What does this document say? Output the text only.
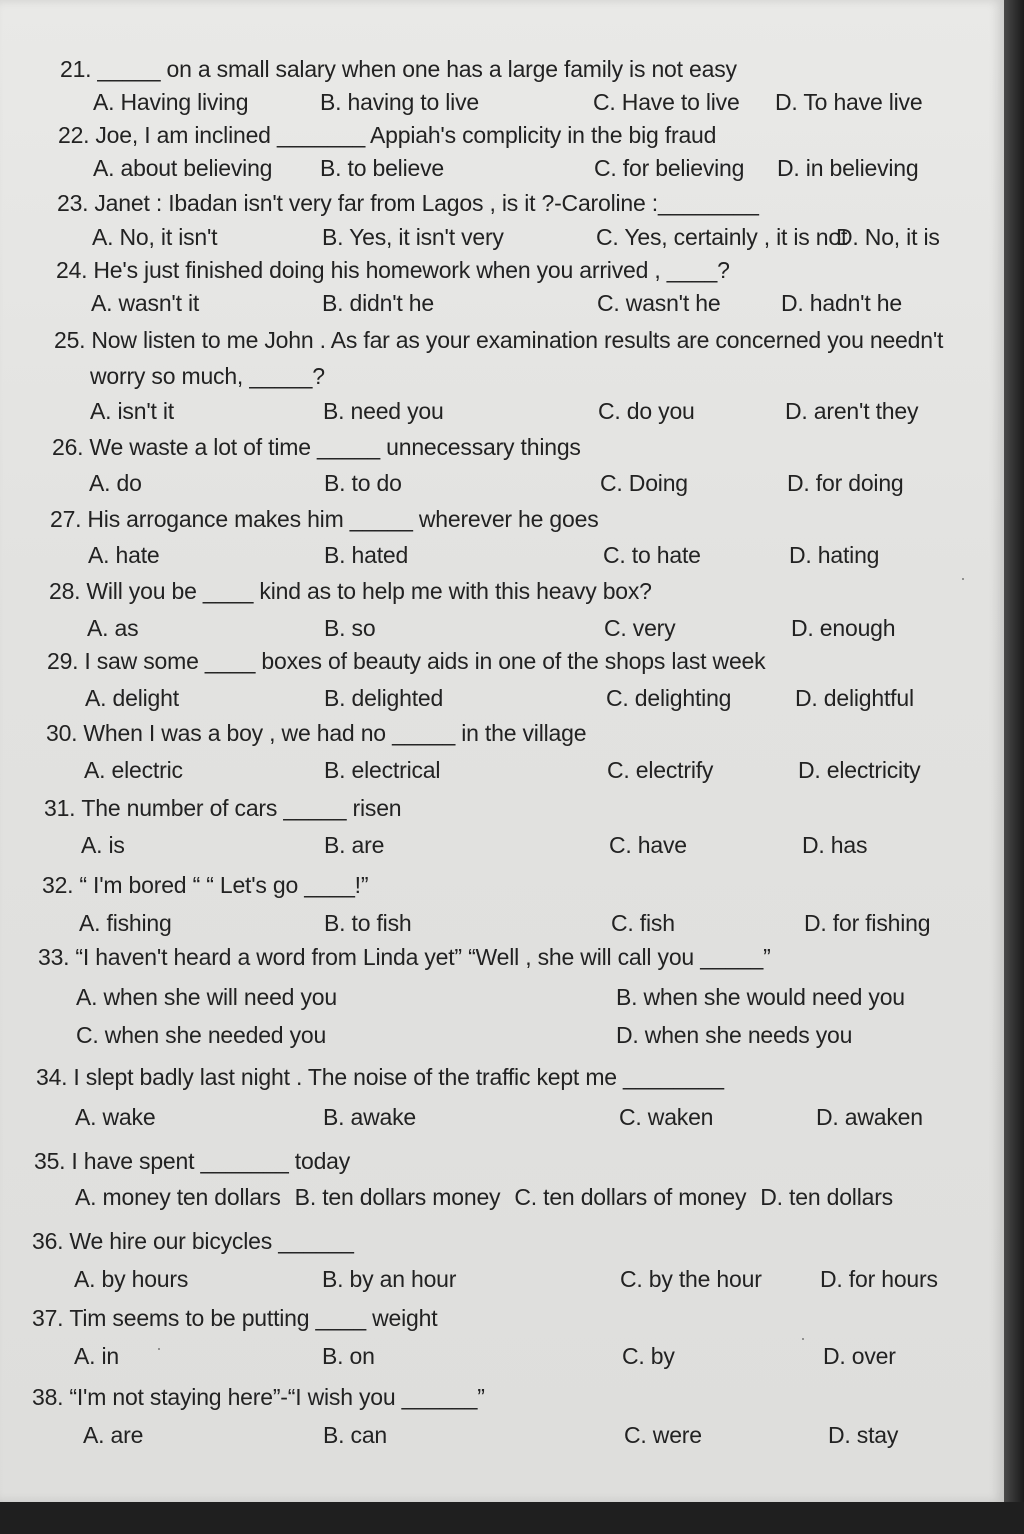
21. _____ on a small salary when one has a large family is not easy
A. Having living	B. having to live	C. Have to live D. To have live
22. Joe, I am inclined _______ Appiah's complicity in the big fraud
A. about believing B. to believe	C. for believing D. in believing
23. Janet : Ibadan isn't very far from Lagos , is it ?-Caroline :________
A. No, it isn't	B. Yes, it isn't very	C. Yes, certainly , it is not
D. No, it is
24. He's just finished doing his homework when you arrived , ____?
A. wasn't it	B. didn't he	C. wasn't he	D. hadn't he
25. Now listen to me John . As far as your examination results are concerned you needn't
worry so much, _____?
A. isn't it	B. need you	C. do you	D. aren't they
26. We waste a lot of time _____ unnecessary things
A. do	B. to do	C. Doing	D. for doing
27. His arrogance makes him _____ wherever he goes
A. hate	B. hated	C. to hate	D. hating
28. Will you be ____ kind as to help me with this heavy box?
A. as	B. so	C. very	D. enough
29. I saw some ____ boxes of beauty aids in one of the shops last week
A. delight	B. delighted	C. delighting	D. delightful
30. When I was a boy , we had no _____ in the village
A. electric	B. electrical	C. electrify	D. electricity
31. The number of cars _____ risen
A. is	B. are	C. have	D. has
32. “ I'm bored “ “ Let's go ____!”
A. fishing	B. to fish	C. fish	D. for fishing
33. “I haven't heard a word from Linda yet” “Well , she will call you _____”
A. when she will need you	B. when she would need you
C. when she needed you	D. when she needs you
34. I slept badly last night . The noise of the traffic kept me ________
A. wake	B. awake	C. waken	D. awaken
35. I have spent _______ today
A. money ten dollars B. ten dollars money C. ten dollars of money D. ten dollars
36. We hire our bicycles ______
A. by hours	B. by an hour	C. by the hour	D. for hours
37. Tim seems to be putting ____ weight
A. in	B. on	C. by	D. over
38. “I'm not staying here”-“I wish you ______”
A. are	B. can	C. were	D. stay
